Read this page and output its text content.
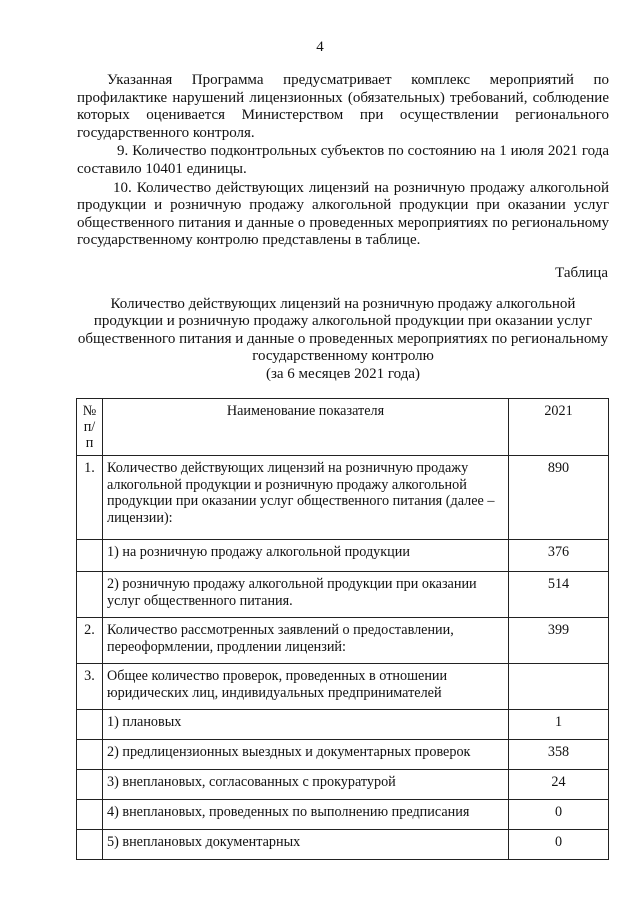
4

Указанная Программа предусматривает комплекс мероприятий по профилактике нарушений лицензионных (обязательных) требований, соблюдение которых оценивается Министерством при осуществлении регионального государственного контроля.

9. Количество подконтрольных субъектов по состоянию на 1 июля 2021 года составило 10401 единицы.

10. Количество действующих лицензий на розничную продажу алкогольной продукции и розничную продажу алкогольной продукции при оказании услуг общественного питания и данные о проведенных мероприятиях по региональному государственному контролю представлены в таблице.

Таблица
Количество действующих лицензий на розничную продажу алкогольной
продукции и розничную продажу алкогольной продукции при оказании услуг
общественного питания и данные о проведенных мероприятиях по региональному
государственному контролю
(за 6 месяцев 2021 года)
№ п/п	Наименование показателя	2021
1.	Количество действующих лицензий на розничную продажу алкогольной продукции и розничную продажу алкогольной продукции при оказании услуг общественного питания (далее – лицензии):	890
	1) на розничную продажу алкогольной продукции	376
	2) розничную продажу алкогольной продукции при оказании услуг общественного питания.	514
2.	Количество рассмотренных заявлений о предоставлении, переоформлении, продлении лицензий:	399
3.	Общее количество проверок, проведенных в отношении юридических лиц, индивидуальных предпринимателей	
	1) плановых	1
	2) предлицензионных выездных и документарных проверок	358
	3) внеплановых, согласованных с прокуратурой	24
	4) внеплановых, проведенных по выполнению предписания	0
	5) внеплановых документарных	0
